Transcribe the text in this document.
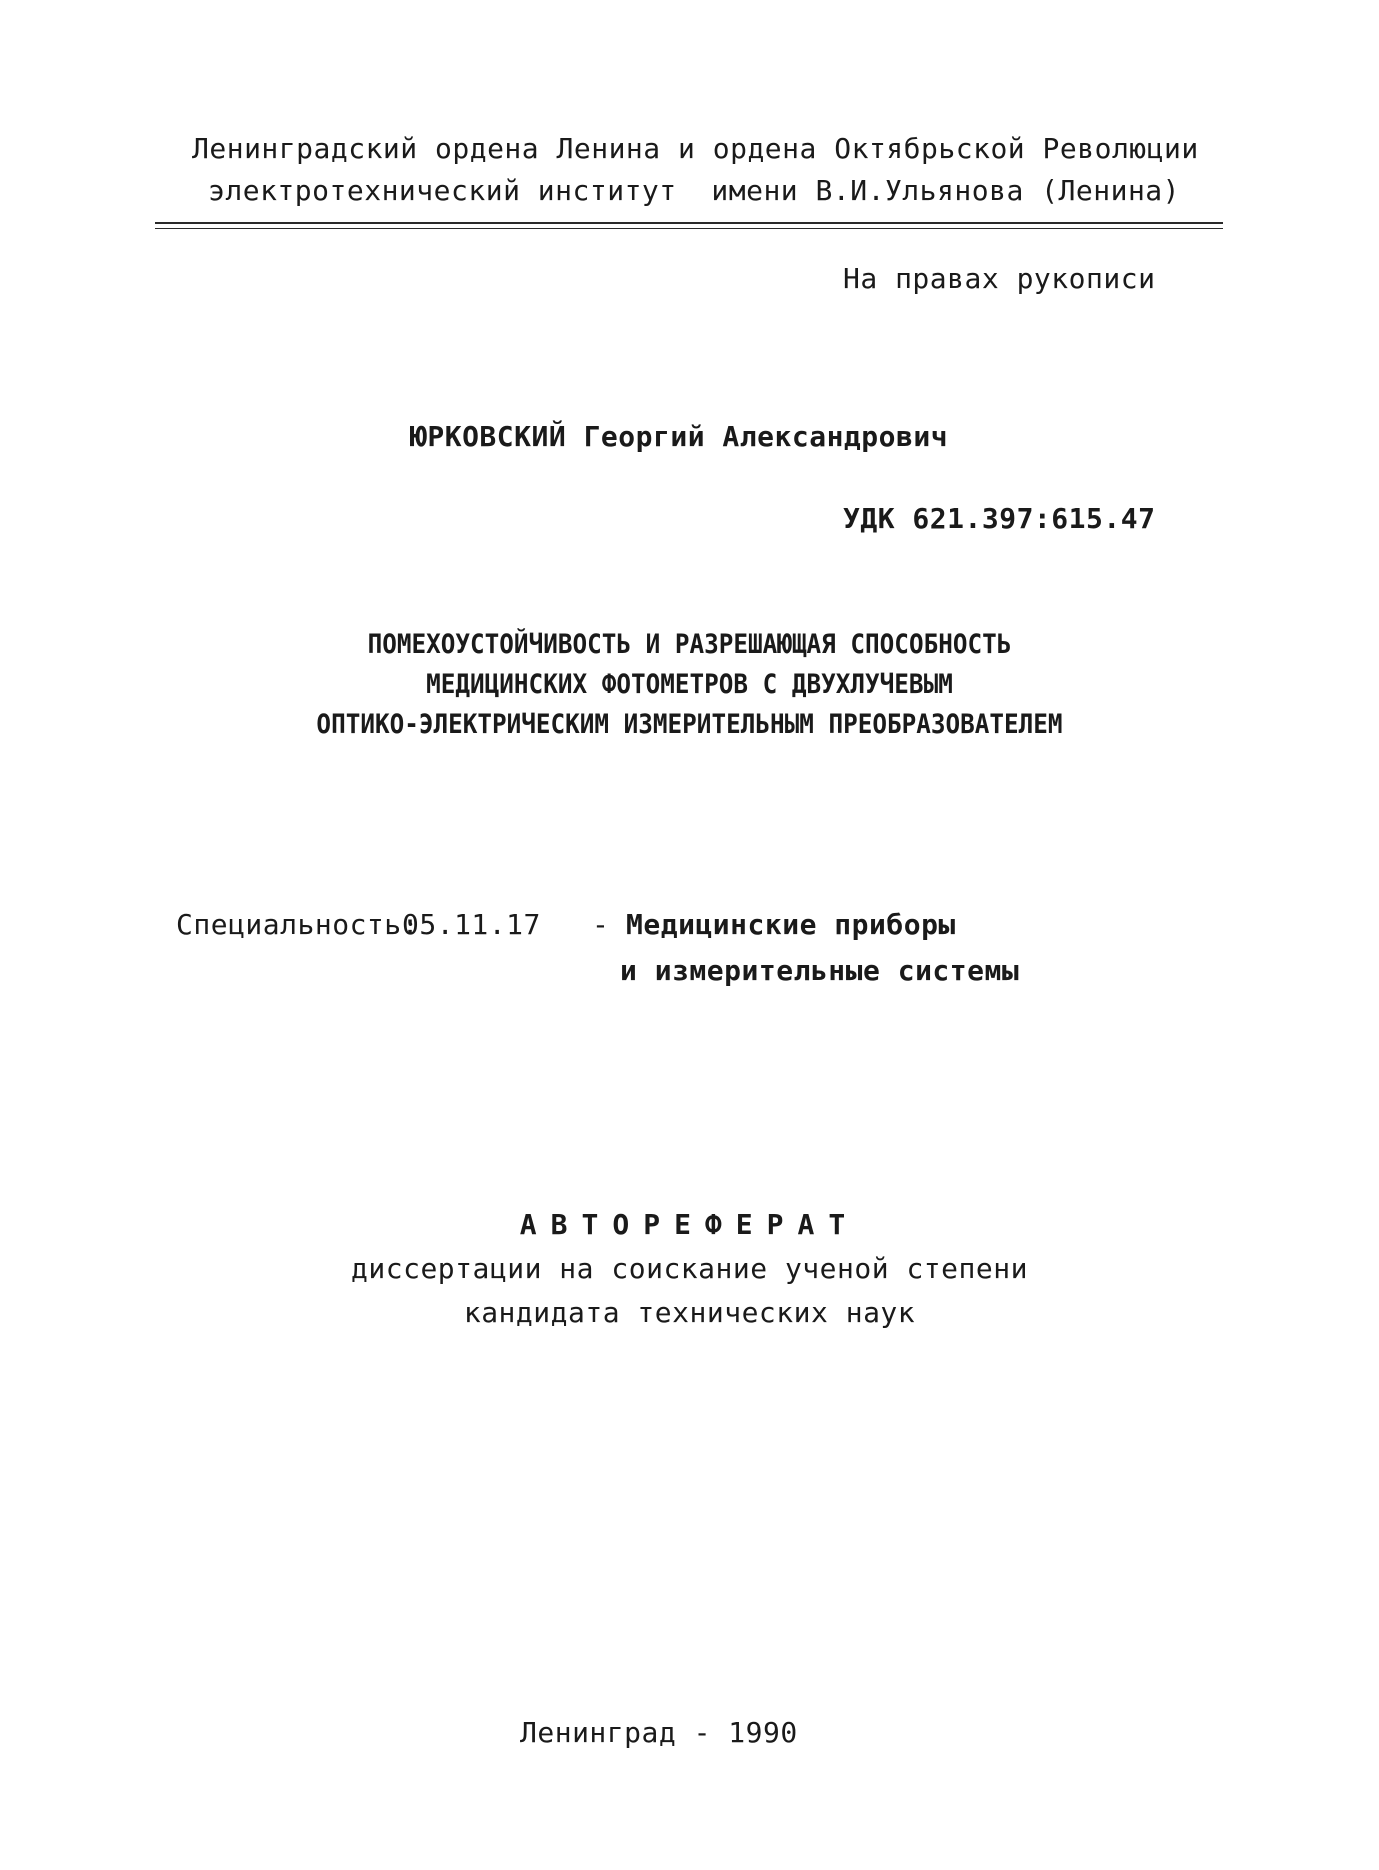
Ленинградский ордена Ленина и ордена Октябрьской Революции
электротехнический институт  имени В.И.Ульянова (Ленина)
На правах рукописи
ЮРКОВСКИЙ Георгий Александрович
УДК 621.397:615.47
ПОМЕХОУСТОЙЧИВОСТЬ И РАЗРЕШАЮЩАЯ СПОСОБНОСТЬ
МЕДИЦИНСКИХ ФОТОМЕТРОВ С ДВУХЛУЧЕВЫМ
ОПТИКО-ЭЛЕКТРИЧЕСКИМ ИЗМЕРИТЕЛЬНЫМ ПРЕОБРАЗОВАТЕЛЕМ
Специальность:
05.11.17 - Медицинские приборы
и измерительные системы
АВТОРЕФЕРАТ
диссертации на соискание ученой степени
кандидата технических наук
Ленинград - 1990
